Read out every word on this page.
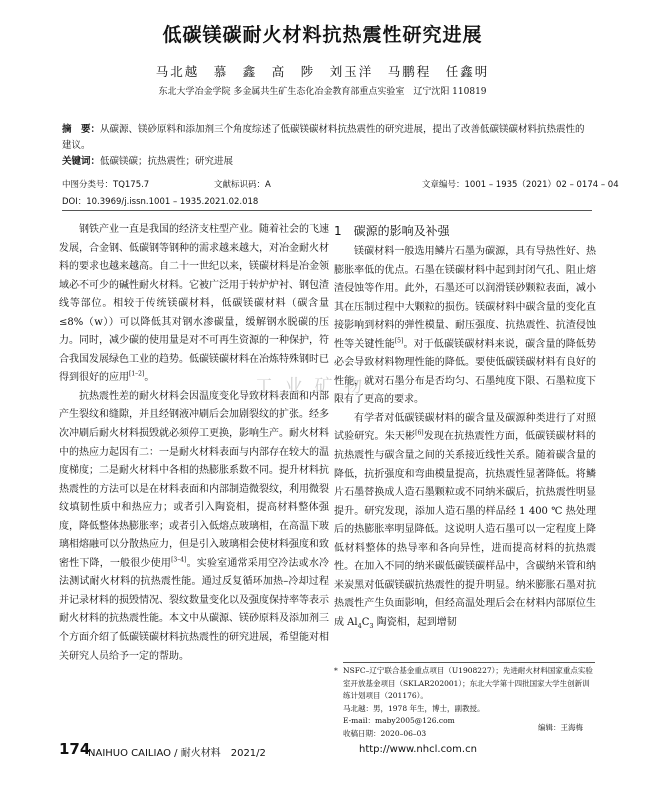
低碳镁碳耐火材料抗热震性研究进展
马北越　慕　鑫　高　陟　刘玉洋　马鹏程　任鑫明
东北大学冶金学院 多金属共生矿生态化冶金教育部重点实验室　辽宁沈阳 110819
摘　要：从碳源、镁砂原料和添加剂三个角度综述了低碳镁碳材料抗热震性的研究进展，提出了改善低碳镁碳材料抗热震性的建议。
关键词：低碳镁碳；抗热震性；研究进展
中图分类号：TQ175.7	文献标识码：A	文章编号：1001 – 1935（2021）02 – 0174 – 04
DOI：10.3969/j.issn.1001 – 1935.2021.02.018

钢铁产业一直是我国的经济支柱型产业。随着社会的飞速发展，合金钢、低碳钢等钢种的需求越来越大，对冶金耐火材料的要求也越来越高。自二十一世纪以来，镁碳材料是冶金领域必不可少的碱性耐火材料。它被广泛用于转炉炉衬、钢包渣线等部位。相较于传统镁碳材料，低碳镁碳材料（碳含量≤8%（w））可以降低其对钢水渗碳量，缓解钢水脱碳的压力。同时，减少碳的使用量是对不可再生资源的一种保护，符合我国发展绿色工业的趋势。低碳镁碳材料在冶炼特殊钢时已得到很好的应用[1–2]。

抗热震性差的耐火材料会因温度变化导致材料表面和内部产生裂纹和缝隙，并且经钢液冲刷后会加剧裂纹的扩张。经多次冲刷后耐火材料损毁就必须停工更换，影响生产。耐火材料中的热应力起因有二：一是耐火材料表面与内部存在较大的温度梯度；二是耐火材料中各相的热膨胀系数不同。提升材料抗热震性的方法可以是在材料表面和内部制造微裂纹，利用微裂纹填韧性质中和热应力；或者引入陶瓷相，提高材料整体强度，降低整体热膨胀率；或者引入低熔点玻璃相，在高温下玻璃相熔融可以分散热应力，但是引入玻璃相会使材料强度和致密性下降，一般很少使用[3–4]。实验室通常采用空冷法或水冷法测试耐火材料的抗热震性能。通过反复循环加热–冷却过程并记录材料的损毁情况、裂纹数量变化以及强度保持率等表示耐火材料的抗热震性能。本文中从碳源、镁砂原料及添加剂三个方面介绍了低碳镁碳材料抗热震性的研究进展，希望能对相关研究人员给予一定的帮助。

1　碳源的影响及补强

镁碳材料一般选用鳞片石墨为碳源，具有导热性好、热膨胀率低的优点。石墨在镁碳材料中起到封闭气孔、阻止熔渣侵蚀等作用。此外，石墨还可以润滑镁砂颗粒表面，减小其在压制过程中大颗粒的损伤。镁碳材料中碳含量的变化直接影响到材料的弹性模量、耐压强度、抗热震性、抗渣侵蚀性等关键性能[5]。对于低碳镁碳材料来说，碳含量的降低势必会导致材料物理性能的降低。要使低碳镁碳材料有良好的性能，就对石墨分布是否均匀、石墨纯度下限、石墨粒度下限有了更高的要求。

有学者对低碳镁碳材料的碳含量及碳源种类进行了对照试验研究。朱天彬[6]发现在抗热震性方面，低碳镁碳材料的抗热震性与碳含量之间的关系接近线性关系。随着碳含量的降低，抗折强度和弯曲模量提高，抗热震性显著降低。将鳞片石墨替换成人造石墨颗粒或不同纳米碳后，抗热震性明显提升。研究发现，添加人造石墨的样品经 1 400 ℃ 热处理后的热膨胀率明显降低。这说明人造石墨可以一定程度上降低材料整体的热导率和各向异性，进而提高材料的抗热震性。在加入不同的纳米碳低碳镁碳样品中，含碳纳米管和纳米炭黑对低碳镁碳抗热震性的提升明显。纳米膨胀石墨对抗热震性产生负面影响，但经高温处理后会在材料内部原位生成 $Al_4C_3$ 陶瓷相，起到增韧

工 业 矿 物
* NSFC–辽宁联合基金重点项目（U1908227）；先进耐火材料国家重点实验室开放基金项目（SKLAR202001）；东北大学第十四批国家大学生创新训练计划项目（201176）。
马北越：男，1978 年生，博士，副教授。
E-mail：maby2005@126.com
收稿日期：2020–06–03
编辑：王海梅
174
NAIHUO CAILIAO / 耐火材料　2021/2	http://www.nhcl.com.cn
